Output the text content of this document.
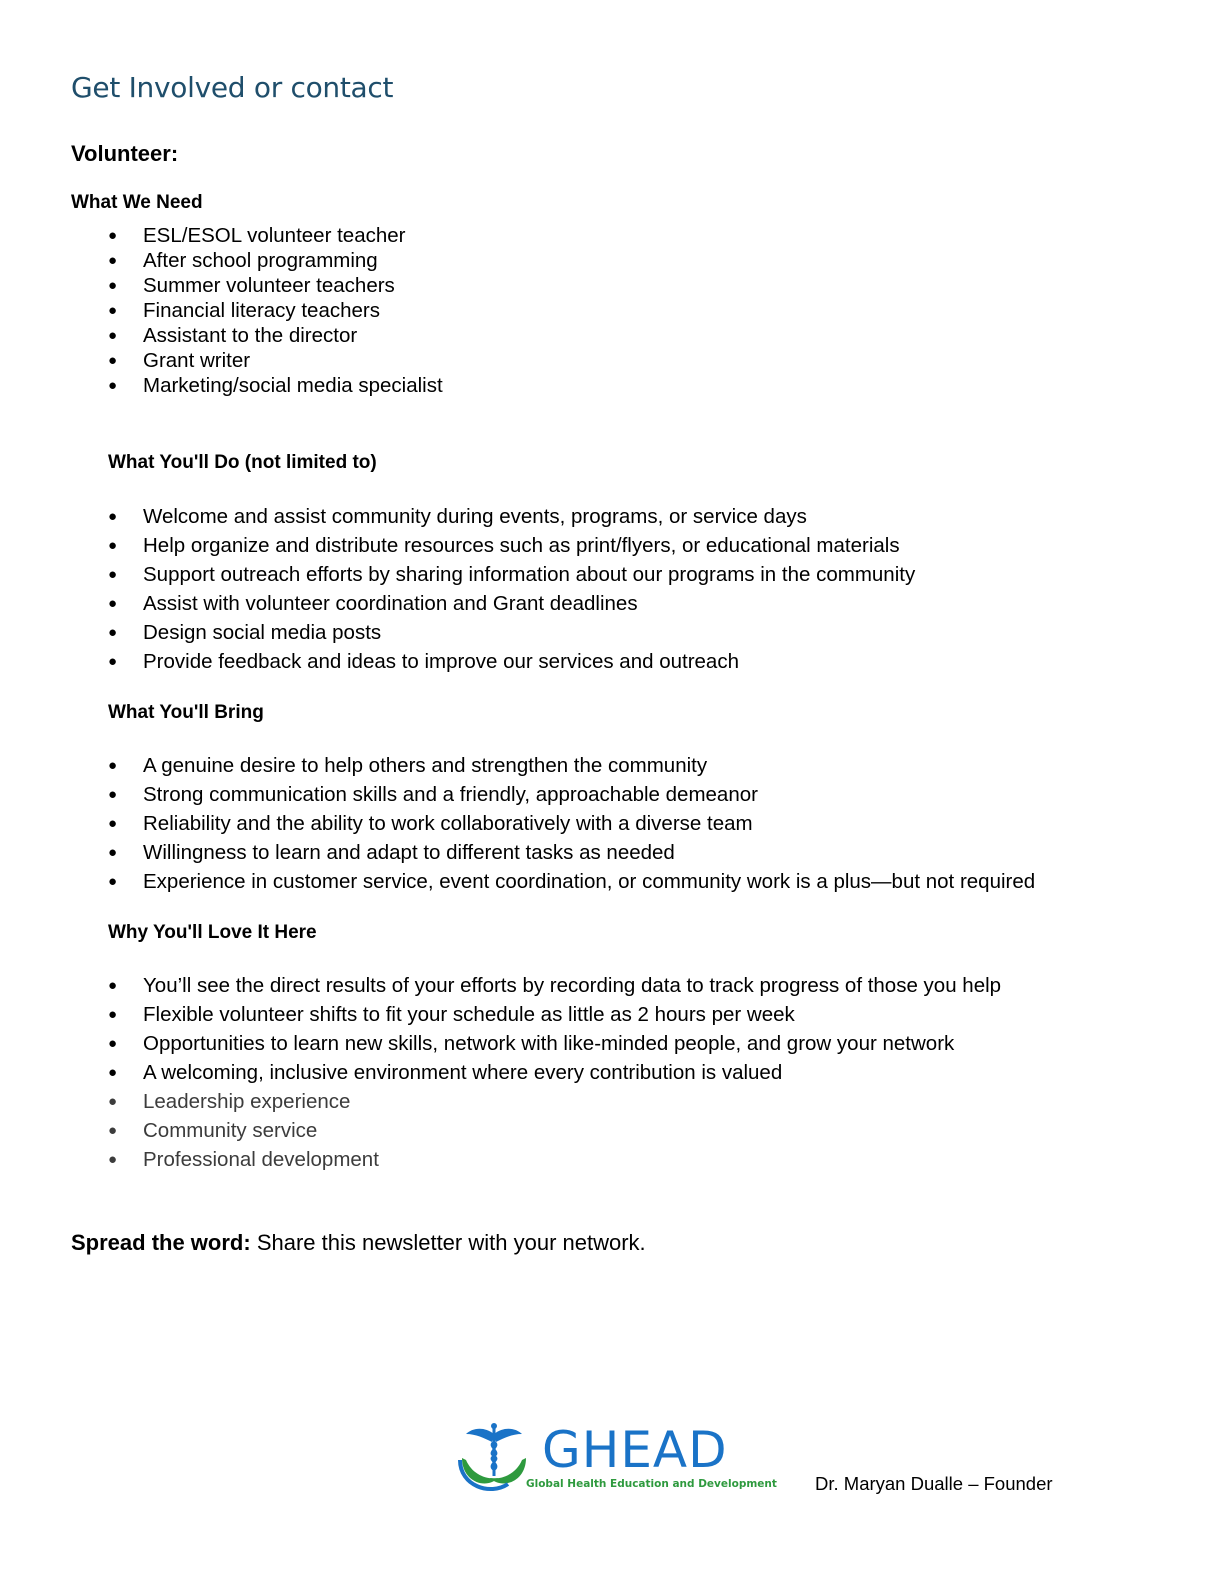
Get Involved or contact
Volunteer:
What We Need
● ESL/ESOL volunteer teacher
● After school programming
● Summer volunteer teachers
● Financial literacy teachers
● Assistant to the director
● Grant writer
● Marketing/social media specialist
What You'll Do (not limited to)
● Welcome and assist community during events, programs, or service days
● Help organize and distribute resources such as print/flyers, or educational materials
● Support outreach efforts by sharing information about our programs in the community
● Assist with volunteer coordination and Grant deadlines
● Design social media posts
● Provide feedback and ideas to improve our services and outreach
What You'll Bring
● A genuine desire to help others and strengthen the community
● Strong communication skills and a friendly, approachable demeanor
● Reliability and the ability to work collaboratively with a diverse team
● Willingness to learn and adapt to different tasks as needed
● Experience in customer service, event coordination, or community work is a plus—but not required
Why You'll Love It Here
● You’ll see the direct results of your efforts by recording data to track progress of those you help
● Flexible volunteer shifts to fit your schedule as little as 2 hours per week
● Opportunities to learn new skills, network with like-minded people, and grow your network
● A welcoming, inclusive environment where every contribution is valued
● Leadership experience
● Community service
● Professional development
Spread the word: Share this newsletter with your network.
GHEAD
Global Health Education and Development Dr. Maryan Dualle – Founder
